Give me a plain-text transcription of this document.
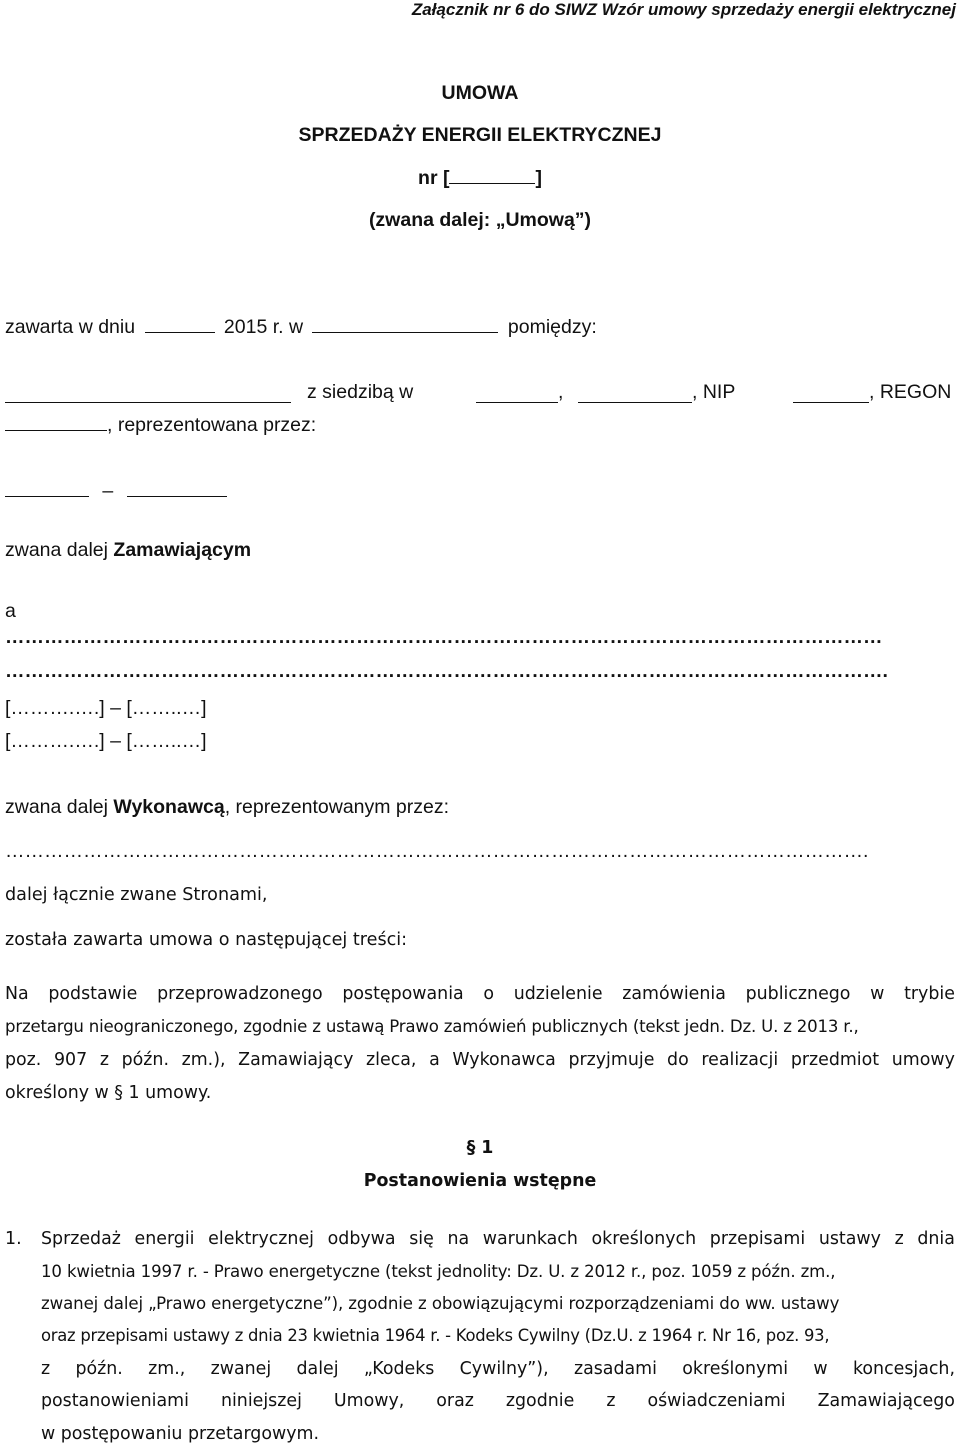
Załącznik nr 6 do SIWZ Wzór umowy sprzedaży energii elektrycznej
UMOWA
SPRZEDAŻY ENERGII ELEKTRYCZNEJ
nr [	]
(zwana dalej: „Umową”)
zawarta w dniu	2015 r. w	pomiędzy:
z siedzibą w	,	, NIP	, REGON
, reprezentowana przez:
–
zwana dalej Zamawiającym
a
………………………………………………………………………………………………………………………
……………………………………………………………………………………………………………………….
[……….….] – [……..…]
[……….….] – [……..…]
zwana dalej Wykonawcą, reprezentowanym przez:
…………………………………………………………………………………………………………………….
dalej łącznie zwane Stronami,
została zawarta umowa o następującej treści:
Na podstawie przeprowadzonego postępowania o udzielenie zamówienia publicznego w trybie
przetargu nieograniczonego, zgodnie z ustawą Prawo zamówień publicznych (tekst jedn. Dz. U. z 2013 r.,
poz. 907 z późn. zm.), Zamawiający zleca, a Wykonawca przyjmuje do realizacji przedmiot umowy
określony w § 1 umowy.
§ 1
Postanowienia wstępne
1. Sprzedaż energii elektrycznej odbywa się na warunkach określonych przepisami ustawy z dnia
10 kwietnia 1997 r. - Prawo energetyczne (tekst jednolity: Dz. U. z 2012 r., poz. 1059 z późn. zm.,
zwanej dalej „Prawo energetyczne”), zgodnie z obowiązującymi rozporządzeniami do ww. ustawy
oraz przepisami ustawy z dnia 23 kwietnia 1964 r. - Kodeks Cywilny (Dz.U. z 1964 r. Nr 16, poz. 93,
z późn. zm., zwanej dalej „Kodeks Cywilny”), zasadami określonymi w koncesjach,
postanowieniami niniejszej Umowy, oraz zgodnie z oświadczeniami Zamawiającego
w postępowaniu przetargowym.
